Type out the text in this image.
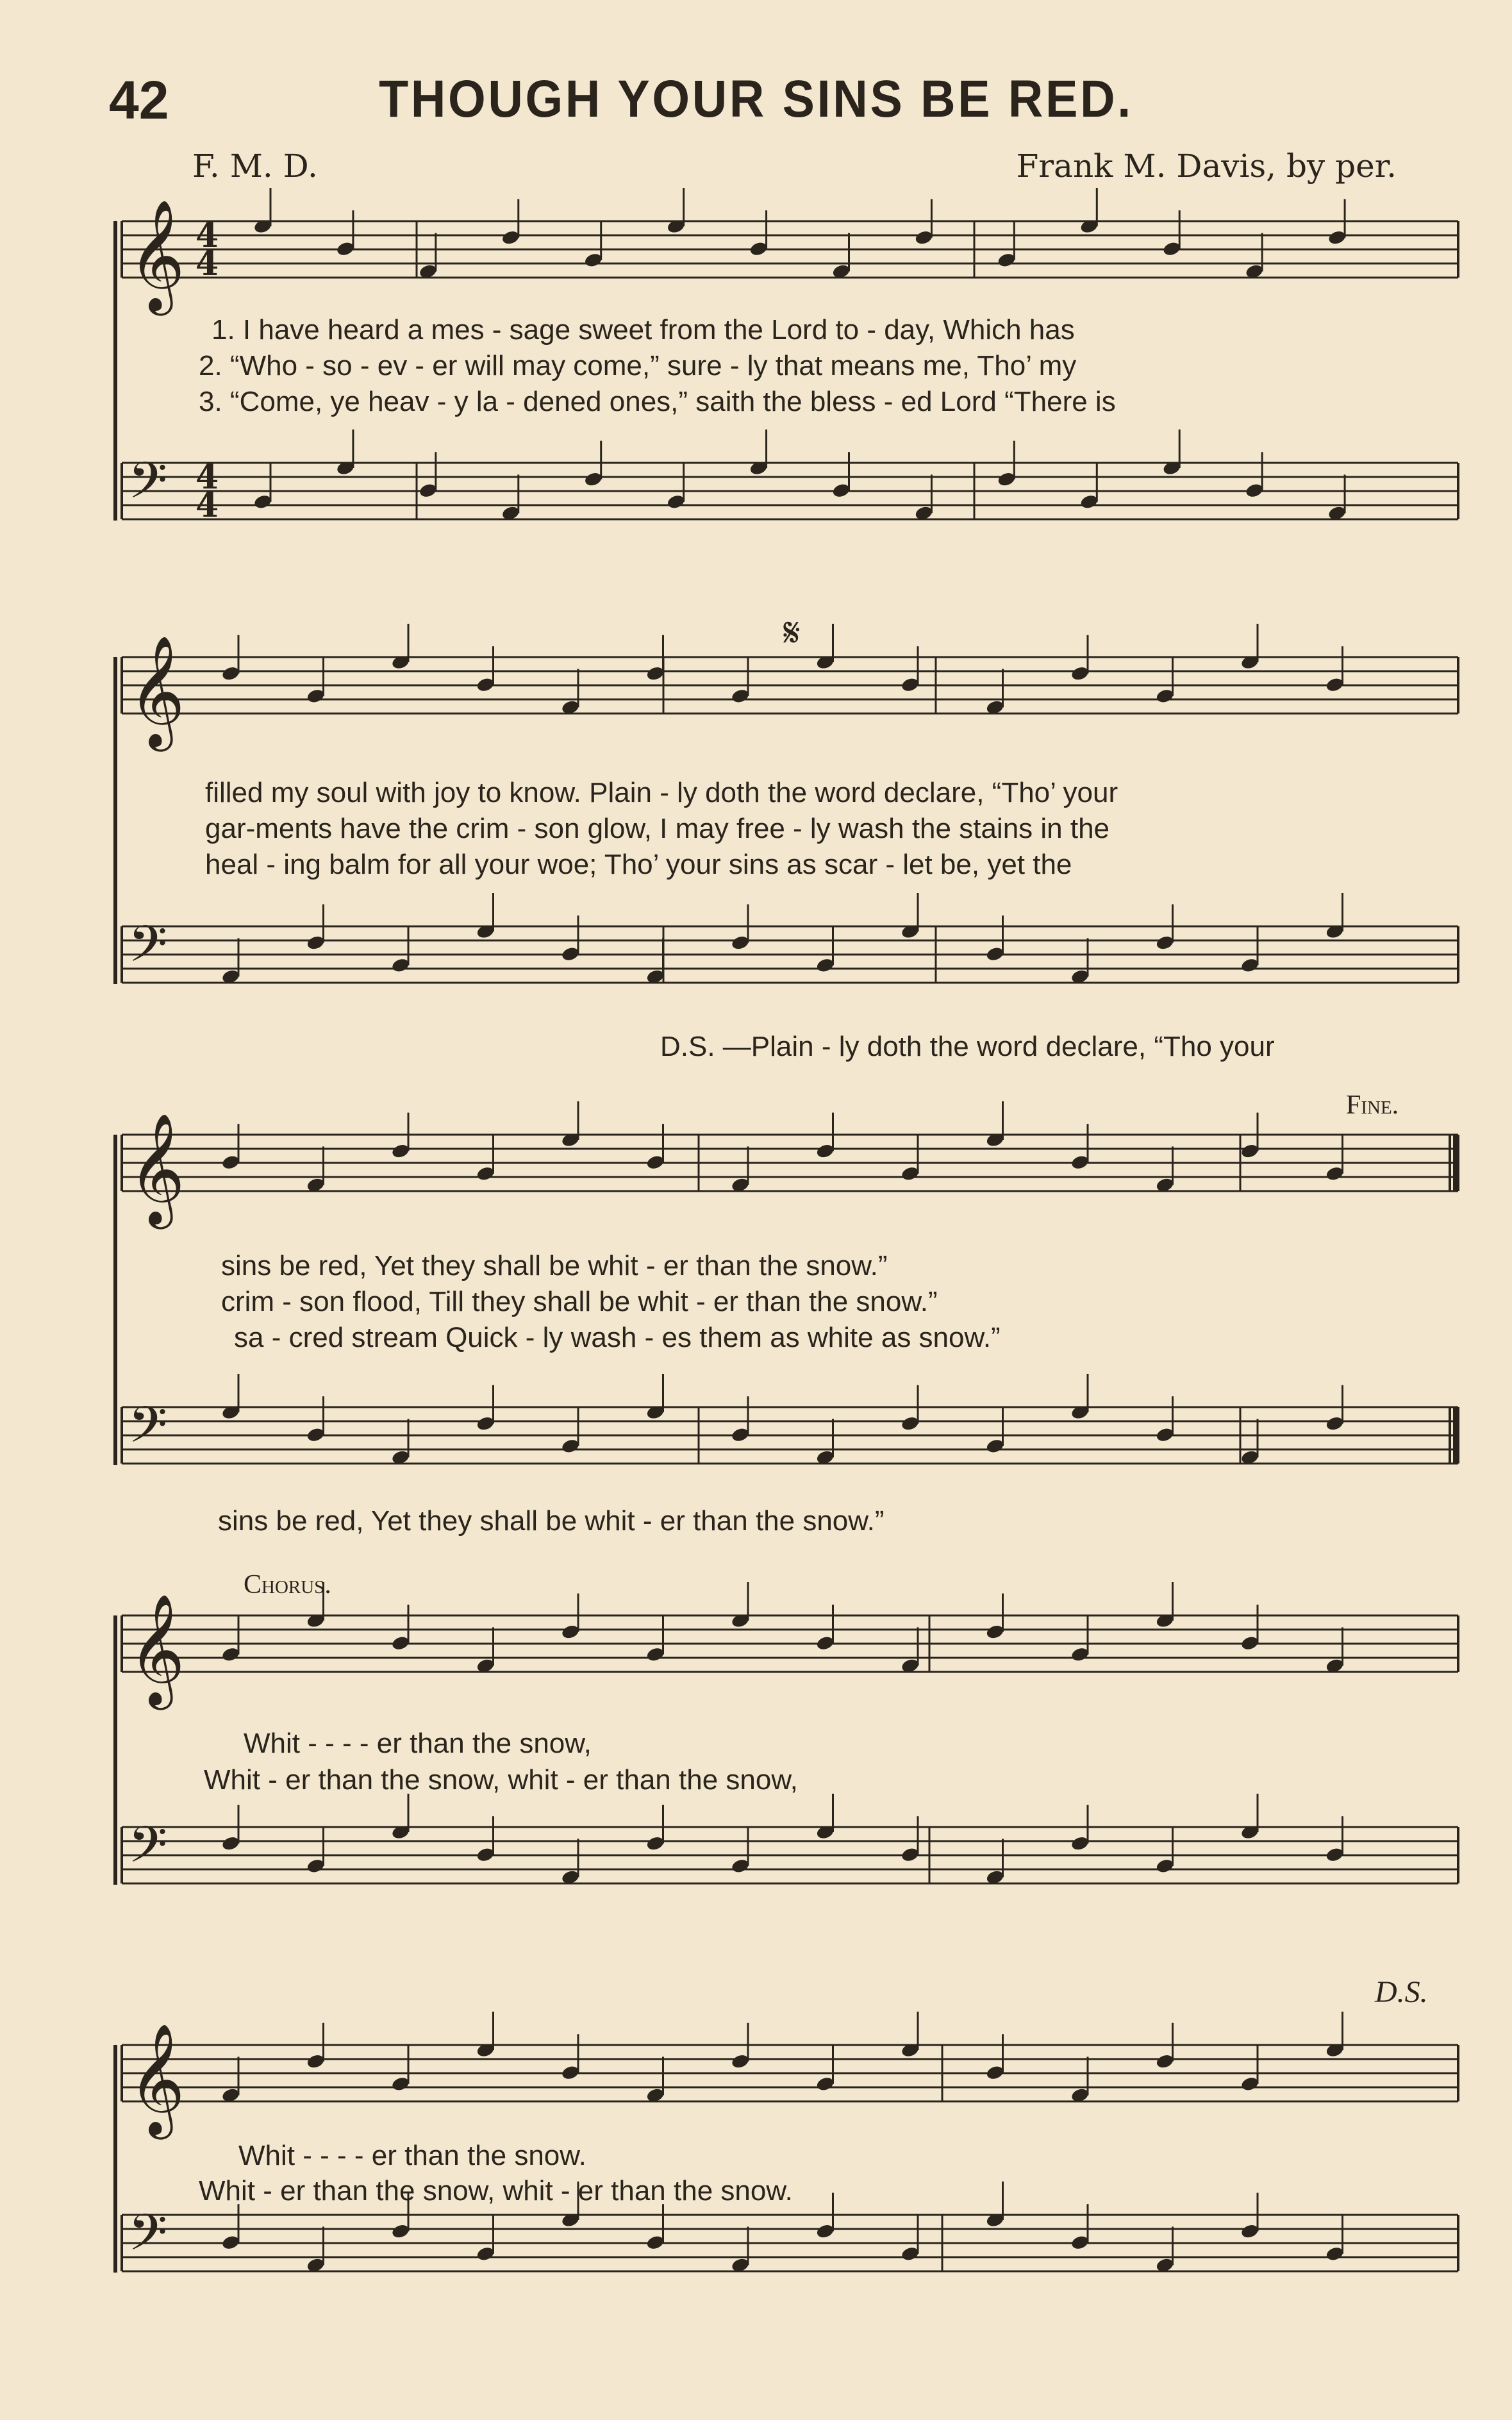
𝄞 4
4
𝄢 4
4
𝄞
𝄢
𝄞
𝄢
𝄞
𝄢
𝄞
𝄢
42	THOUGH YOUR SINS BE RED.
F. M. D.	Frank M. Davis, by per.
1. I have heard a mes - sage sweet from the Lord to - day, Which has
2. “Who - so - ev - er will may come,” sure - ly that means me, Tho’ my
3. “Come, ye heav - y la - dened ones,” saith the bless - ed Lord “There is
𝄋
filled my soul with joy to know. Plain - ly doth the word declare, “Tho’ your
gar-ments have the crim - son glow, I may free - ly wash the stains in the
heal - ing balm for all your woe; Tho’ your sins as scar - let be, yet the
D.S. —Plain - ly doth the word declare, “Tho your
Fine.
sins be red, Yet they shall be whit - er than the snow.”
crim - son flood, Till they shall be whit - er than the snow.”
sa - cred stream Quick - ly wash - es them as white as snow.”
sins be red, Yet they shall be whit - er than the snow.”
Chorus.
Whit - - - - er than the snow,
Whit - er than the snow, whit - er than the snow,
D.S.
Whit - - - - er than the snow.
Whit - er than the snow, whit - er than the snow.
